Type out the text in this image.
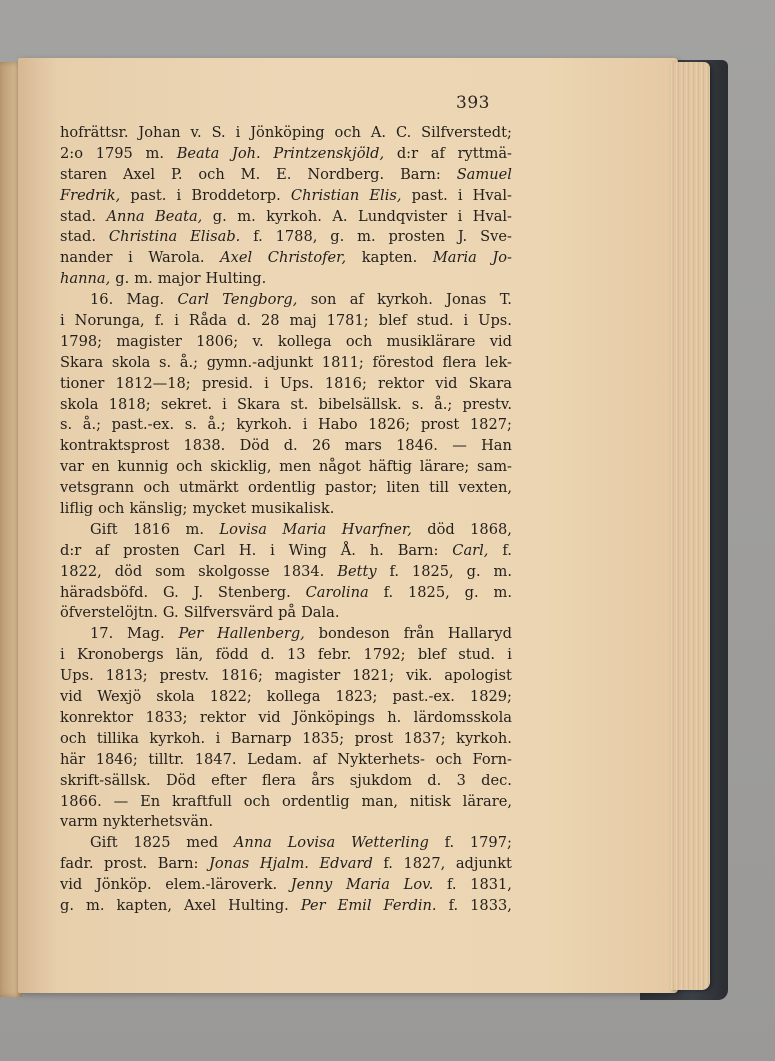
393
hofrättsr. Johan v. S. i Jönköping och A. C. Silfverstedt;
2:o 1795 m. Beata Joh. Printzenskjöld, d:r af ryttmä-
staren Axel P. och M. E. Nordberg. Barn: Samuel
Fredrik, past. i Broddetorp. Christian Elis, past. i Hval-
stad. Anna Beata, g. m. kyrkoh. A. Lundqvister i Hval-
stad. Christina Elisab. f. 1788, g. m. prosten J. Sve-
nander i Warola. Axel Christofer, kapten. Maria Jo-
hanna, g. m. major Hulting.
16. Mag. Carl Tengborg, son af kyrkoh. Jonas T.
i Norunga, f. i Råda d. 28 maj 1781; blef stud. i Ups.
1798; magister 1806; v. kollega och musiklärare vid
Skara skola s. å.; gymn.-adjunkt 1811; förestod flera lek-
tioner 1812—18; presid. i Ups. 1816; rektor vid Skara
skola 1818; sekret. i Skara st. bibelsällsk. s. å.; prestv.
s. å.; past.-ex. s. å.; kyrkoh. i Habo 1826; prost 1827;
kontraktsprost 1838. Död d. 26 mars 1846. — Han
var en kunnig och skicklig, men något häftig lärare; sam-
vetsgrann och utmärkt ordentlig pastor; liten till vexten,
liflig och känslig; mycket musikalisk.
Gift 1816 m. Lovisa Maria Hvarfner, död 1868,
d:r af prosten Carl H. i Wing Å. h. Barn: Carl, f.
1822, död som skolgosse 1834. Betty f. 1825, g. m.
häradsböfd. G. J. Stenberg. Carolina f. 1825, g. m.
öfverstelöjtn. G. Silfversvärd på Dala.
17. Mag. Per Hallenberg, bondeson från Hallaryd
i Kronobergs län, född d. 13 febr. 1792; blef stud. i
Ups. 1813; prestv. 1816; magister 1821; vik. apologist
vid Wexjö skola 1822; kollega 1823; past.-ex. 1829;
konrektor 1833; rektor vid Jönköpings h. lärdomsskola
och tillika kyrkoh. i Barnarp 1835; prost 1837; kyrkoh.
här 1846; tilltr. 1847. Ledam. af Nykterhets- och Forn-
skrift-sällsk. Död efter flera års sjukdom d. 3 dec.
1866. — En kraftfull och ordentlig man, nitisk lärare,
varm nykterhetsvän.
Gift 1825 med Anna Lovisa Wetterling f. 1797;
fadr. prost. Barn: Jonas Hjalm. Edvard f. 1827, adjunkt
vid Jönköp. elem.-läroverk. Jenny Maria Lov. f. 1831,
g. m. kapten, Axel Hulting. Per Emil Ferdin. f. 1833,
